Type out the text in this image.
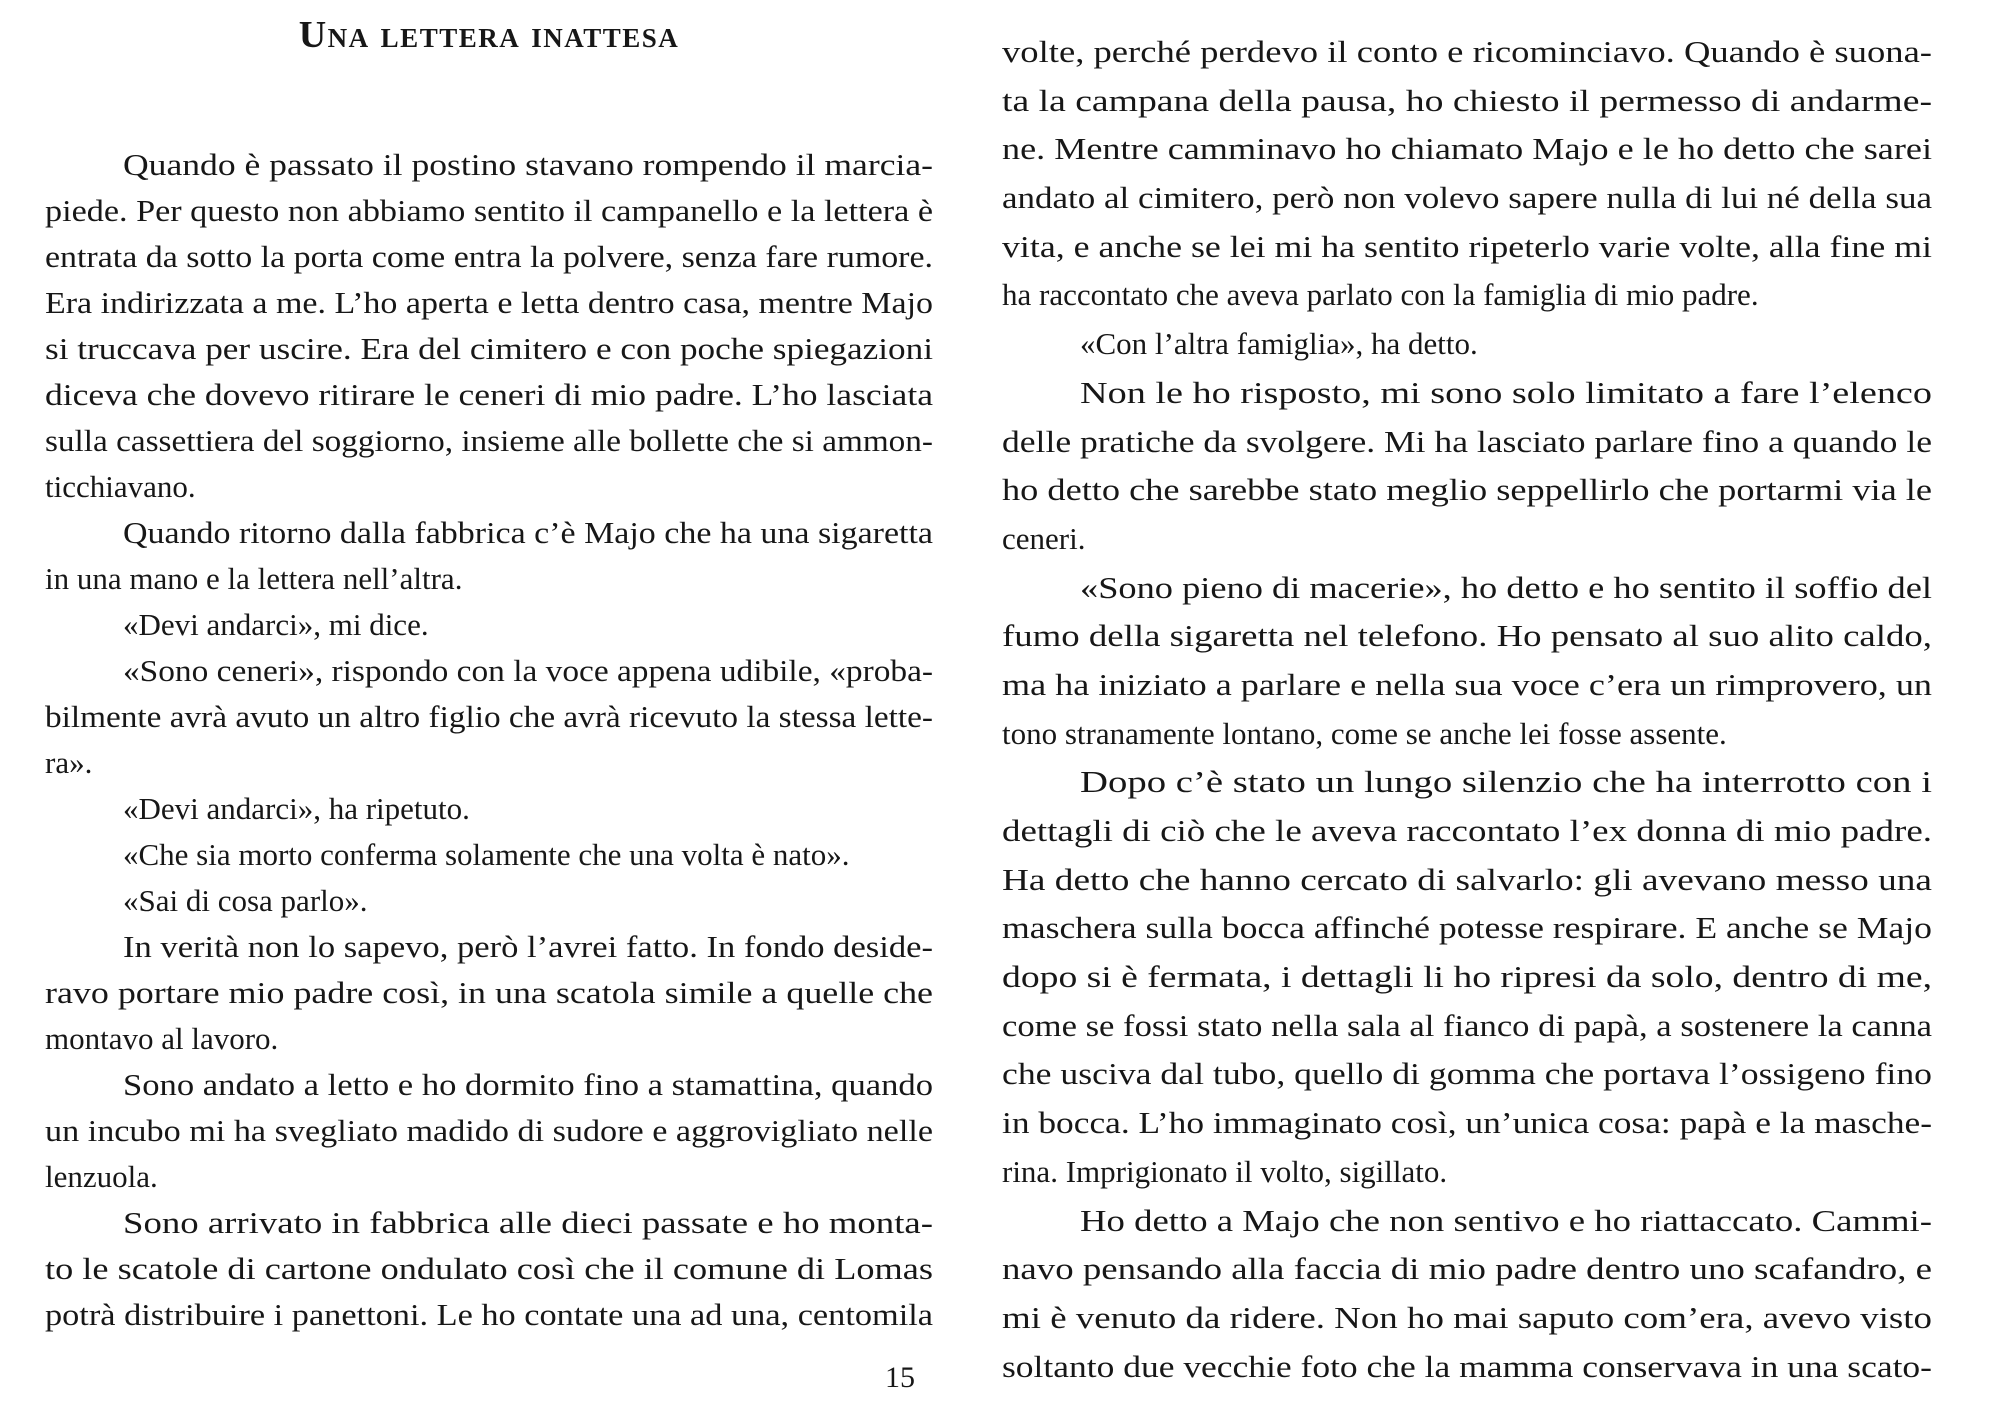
Una lettera inattesa
Quando è passato il postino stavano rompendo il marcia-
piede. Per questo non abbiamo sentito il campanello e la lettera è
entrata da sotto la porta come entra la polvere, senza fare rumore.
Era indirizzata a me. L’ho aperta e letta dentro casa, mentre Majo
si truccava per uscire. Era del cimitero e con poche spiegazioni
diceva che dovevo ritirare le ceneri di mio padre. L’ho lasciata
sulla cassettiera del soggiorno, insieme alle bollette che si ammon-
ticchiavano.
Quando ritorno dalla fabbrica c’è Majo che ha una sigaretta
in una mano e la lettera nell’altra.
«Devi andarci», mi dice.
«Sono ceneri», rispondo con la voce appena udibile, «proba-
bilmente avrà avuto un altro figlio che avrà ricevuto la stessa lette-
ra».
«Devi andarci», ha ripetuto.
«Che sia morto conferma solamente che una volta è nato».
«Sai di cosa parlo».
In verità non lo sapevo, però l’avrei fatto. In fondo deside-
ravo portare mio padre così, in una scatola simile a quelle che
montavo al lavoro.
Sono andato a letto e ho dormito fino a stamattina, quando
un incubo mi ha svegliato madido di sudore e aggrovigliato nelle
lenzuola.
Sono arrivato in fabbrica alle dieci passate e ho monta-
to le scatole di cartone ondulato così che il comune di Lomas
potrà distribuire i panettoni. Le ho contate una ad una, centomila
volte, perché perdevo il conto e ricominciavo. Quando è suona-
ta la campana della pausa, ho chiesto il permesso di andarme-
ne. Mentre camminavo ho chiamato Majo e le ho detto che sarei
andato al cimitero, però non volevo sapere nulla di lui né della sua
vita, e anche se lei mi ha sentito ripeterlo varie volte, alla fine mi
ha raccontato che aveva parlato con la famiglia di mio padre.
«Con l’altra famiglia», ha detto.
Non le ho risposto, mi sono solo limitato a fare l’elenco
delle pratiche da svolgere. Mi ha lasciato parlare fino a quando le
ho detto che sarebbe stato meglio seppellirlo che portarmi via le
ceneri.
«Sono pieno di macerie», ho detto e ho sentito il soffio del
fumo della sigaretta nel telefono. Ho pensato al suo alito caldo,
ma ha iniziato a parlare e nella sua voce c’era un rimprovero, un
tono stranamente lontano, come se anche lei fosse assente.
Dopo c’è stato un lungo silenzio che ha interrotto con i
dettagli di ciò che le aveva raccontato l’ex donna di mio padre.
Ha detto che hanno cercato di salvarlo: gli avevano messo una
maschera sulla bocca affinché potesse respirare. E anche se Majo
dopo si è fermata, i dettagli li ho ripresi da solo, dentro di me,
come se fossi stato nella sala al fianco di papà, a sostenere la canna
che usciva dal tubo, quello di gomma che portava l’ossigeno fino
in bocca. L’ho immaginato così, un’unica cosa: papà e la masche-
rina. Imprigionato il volto, sigillato.
Ho detto a Majo che non sentivo e ho riattaccato. Cammi-
navo pensando alla faccia di mio padre dentro uno scafandro, e
mi è venuto da ridere. Non ho mai saputo com’era, avevo visto
soltanto due vecchie foto che la mamma conservava in una scato-
15
